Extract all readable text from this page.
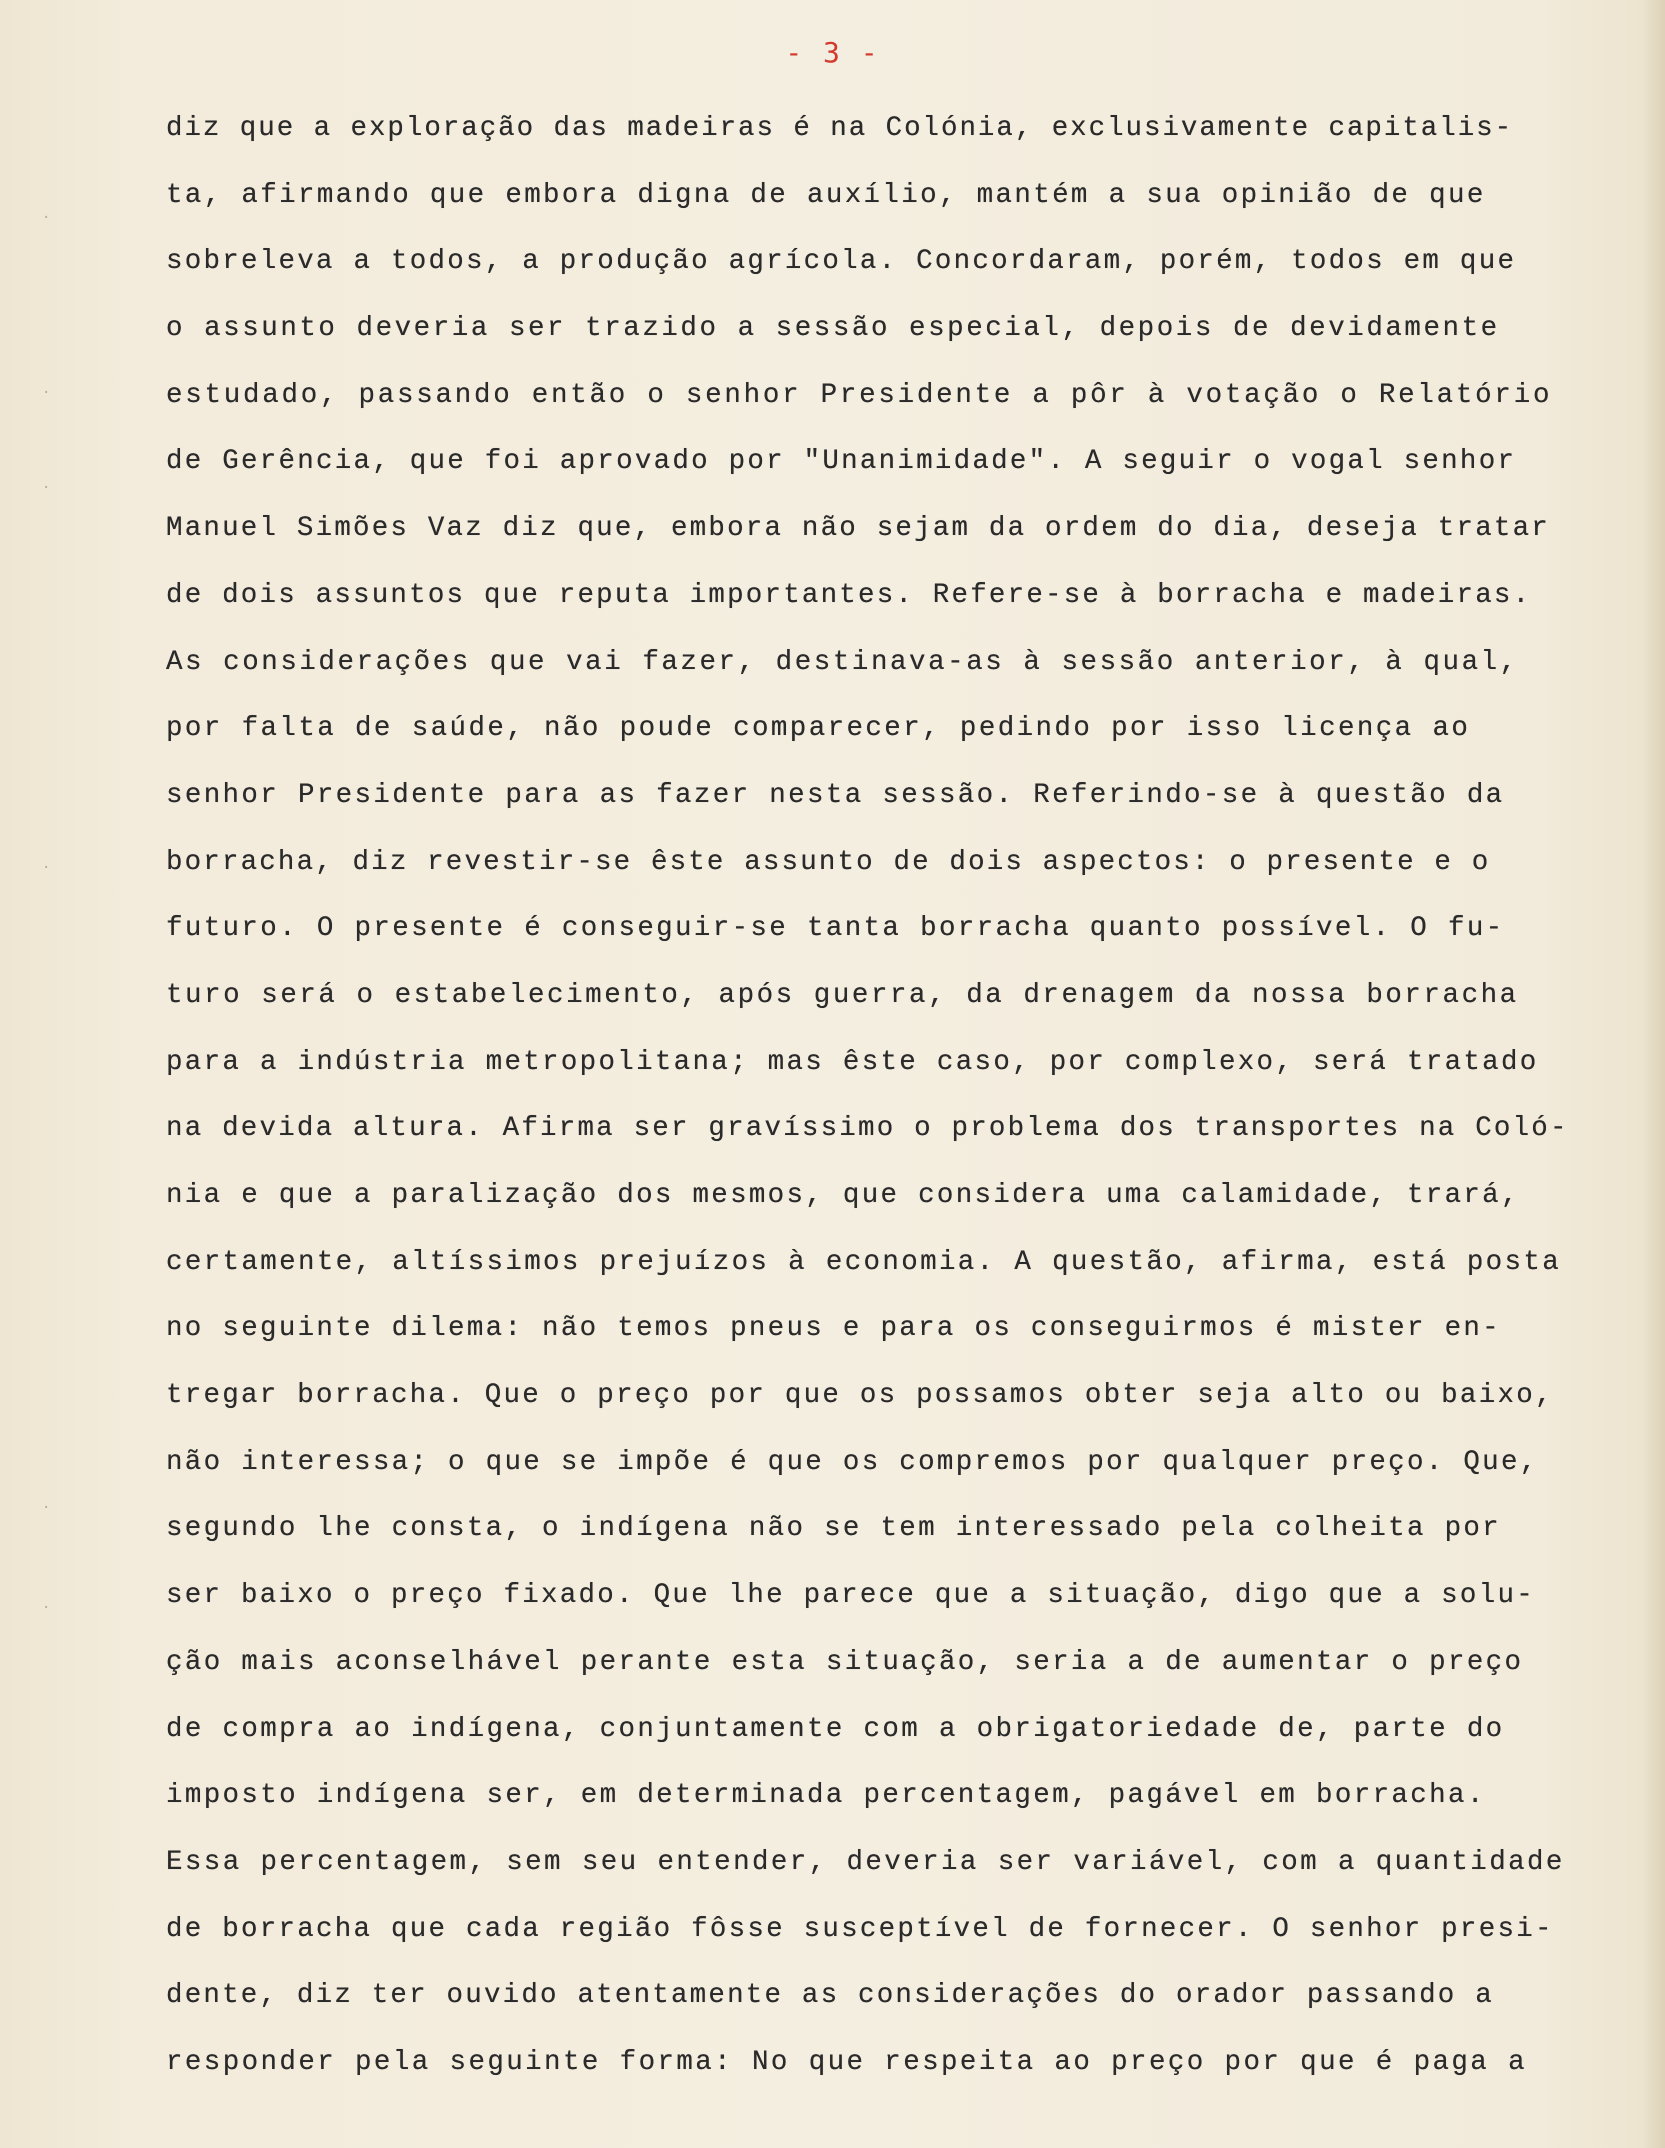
·
·
·
·
·
·
- 3 -
diz que a exploração das madeiras é na Colónia, exclusivamente capitalis-
ta, afirmando que embora digna de auxílio, mantém a sua opinião de que
sobreleva a todos, a produção agrícola. Concordaram, porém, todos em que
o assunto deveria ser trazido a sessão especial, depois de devidamente
estudado, passando então o senhor Presidente a pôr à votação o Relatório
de Gerência, que foi aprovado por "Unanimidade". A seguir o vogal senhor
Manuel Simões Vaz diz que, embora não sejam da ordem do dia, deseja tratar
de dois assuntos que reputa importantes. Refere-se à borracha e madeiras.
As considerações que vai fazer, destinava-as à sessão anterior, à qual,
por falta de saúde, não poude comparecer, pedindo por isso licença ao
senhor Presidente para as fazer nesta sessão. Referindo-se à questão da
borracha, diz revestir-se êste assunto de dois aspectos: o presente e o
futuro. O presente é conseguir-se tanta borracha quanto possível. O fu-
turo será o estabelecimento, após guerra, da drenagem da nossa borracha
para a indústria metropolitana; mas êste caso, por complexo, será tratado
na devida altura. Afirma ser gravíssimo o problema dos transportes na Coló-
nia e que a paralização dos mesmos, que considera uma calamidade, trará,
certamente, altíssimos prejuízos à economia. A questão, afirma, está posta
no seguinte dilema: não temos pneus e para os conseguirmos é mister en-
tregar borracha. Que o preço por que os possamos obter seja alto ou baixo,
não interessa; o que se impõe é que os compremos por qualquer preço. Que,
segundo lhe consta, o indígena não se tem interessado pela colheita por
ser baixo o preço fixado. Que lhe parece que a situação, digo que a solu-
ção mais aconselhável perante esta situação, seria a de aumentar o preço
de compra ao indígena, conjuntamente com a obrigatoriedade de, parte do
imposto indígena ser, em determinada percentagem, pagável em borracha.
Essa percentagem, sem seu entender, deveria ser variável, com a quantidade
de borracha que cada região fôsse susceptível de fornecer. O senhor presi-
dente, diz ter ouvido atentamente as considerações do orador passando a
responder pela seguinte forma: No que respeita ao preço por que é paga a
